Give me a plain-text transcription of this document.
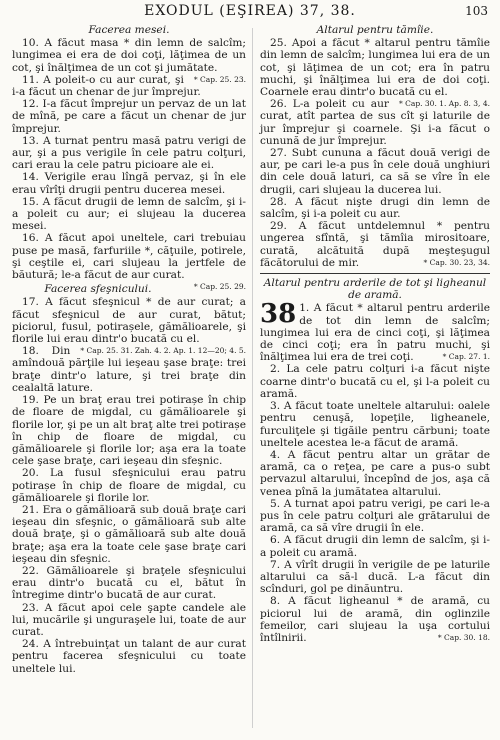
EXODUL (EŞIREA) 37, 38.	103
Facerea mesei.

10. A făcut masa * din lemn de salcîm; lungimea ei era de doi coţi, lăţimea de un cot, şi înălţimea de un cot şi jumătate.
* Cap. 25. 23.

11. A poleit-o cu aur curat, şi i-a făcut un chenar de jur împrejur.

12. I-a făcut împrejur un pervaz de un lat de mînă, pe care a făcut un chenar de jur împrejur.

13. A turnat pentru masă patru verigi de aur, şi a pus verigile în cele patru colţuri, cari erau la cele patru picioare ale ei.

14. Verigile erau lîngă pervaz, şi în ele erau vîrîţi drugii pentru ducerea mesei.

15. A făcut drugii de lemn de salcîm, şi i-a poleit cu aur; ei slujeau la ducerea mesei.

16. A făcut apoi uneltele, cari trebuiau puse pe masă, farfuriile *, căţuile, potirele, şi ceştile ei, cari slujeau la jertfele de băutură; le-a făcut de aur curat.
* Cap. 25. 29.

Facerea sfeşnicului.

17. A făcut sfeşnicul * de aur curat; a făcut sfeşnicul de aur curat, bătut; piciorul, fusul, potirașele, gămălioarele, şi florile lui erau dintr'o bucată cu el.
* Cap. 25. 31. Zah. 4. 2. Ap. 1. 12—20; 4. 5.

18. Din amîndouă părţile lui ieşeau şase braţe: trei braţe dintr'o lature, şi trei braţe din cealaltă lature.

19. Pe un braţ erau trei potirașe în chip de floare de migdal, cu gămălioarele şi florile lor, şi pe un alt braţ alte trei potirașe în chip de floare de migdal, cu gămălioarele şi florile lor; aşa era la toate cele şase braţe, cari ieşeau din sfeşnic.

20. La fusul sfeşnicului erau patru potirașe în chip de floare de migdal, cu gămălioarele şi florile lor.

21. Era o gămălioară sub două braţe cari ieşeau din sfeşnic, o gămălioară sub alte două braţe, şi o gămălioară sub alte două braţe; aşa era la toate cele şase braţe cari ieşeau din sfeşnic.

22. Gămălioarele şi braţele sfeşnicului erau dintr'o bucată cu el, bătut în întregime dintr'o bucată de aur curat.

23. A făcut apoi cele şapte candele ale lui, mucările şi unguraşele lui, toate de aur curat.

24. A întrebuinţat un talant de aur curat pentru facerea sfeşnicului cu toate uneltele lui.

Altarul pentru tămîie.

25. Apoi a făcut * altarul pentru tămîie din lemn de salcîm; lungimea lui era de un cot, şi lăţimea de un cot; era în patru muchi, şi înălţimea lui era de doi coţi. Coarnele erau dintr'o bucată cu el.
* Cap. 30. 1. Ap. 8. 3, 4.

26. L-a poleit cu aur curat, atît partea de sus cît şi laturile de jur împrejur şi coarnele. Şi i-a făcut o cunună de jur împrejur.

27. Subt cununa a făcut două verigi de aur, pe cari le-a pus în cele două unghiuri din cele două laturi, ca să se vîre în ele drugii, cari slujeau la ducerea lui.

28. A făcut nişte drugi din lemn de salcîm, şi i-a poleit cu aur.

29. A făcut untdelemnul * pentru ungerea sfîntă, şi tămîia mirositoare, curată, alcătuită după meşteşugul făcătorului de mir.	* Cap. 30. 23, 34.

Altarul pentru arderile de tot şi ligheanul de aramă.

38 1. A făcut * altarul pentru arderile de tot din lemn de salcîm; lungimea lui era de cinci coţi, şi lăţimea de cinci coţi; era în patru muchi, şi înălţimea lui era de trei coţi.	* Cap. 27. 1.

2. La cele patru colţuri i-a făcut nişte coarne dintr'o bucată cu el, şi l-a poleit cu aramă.

3. A făcut toate uneltele altarului: oalele pentru cenuşă, lopeţile, ligheanele, furculiţele şi tigăile pentru cărbuni; toate uneltele acestea le-a făcut de aramă.

4. A făcut pentru altar un grătar de aramă, ca o reţea, pe care a pus-o subt pervazul altarului, începînd de jos, aşa că venea pînă la jumătatea altarului.

5. A turnat apoi patru verigi, pe cari le-a pus în cele patru colţuri ale grătarului de aramă, ca să vîre drugii în ele.

6. A făcut drugii din lemn de salcîm, şi i-a poleit cu aramă.

7. A vîrît drugii în verigile de pe laturile altarului ca să-l ducă. L-a făcut din scînduri, gol pe dinăuntru.

8. A făcut ligheanul * de aramă, cu piciorul lui de aramă, din oglinzile femeilor, cari slujeau la uşa cortului întîlnirii.	* Cap. 30. 18.
